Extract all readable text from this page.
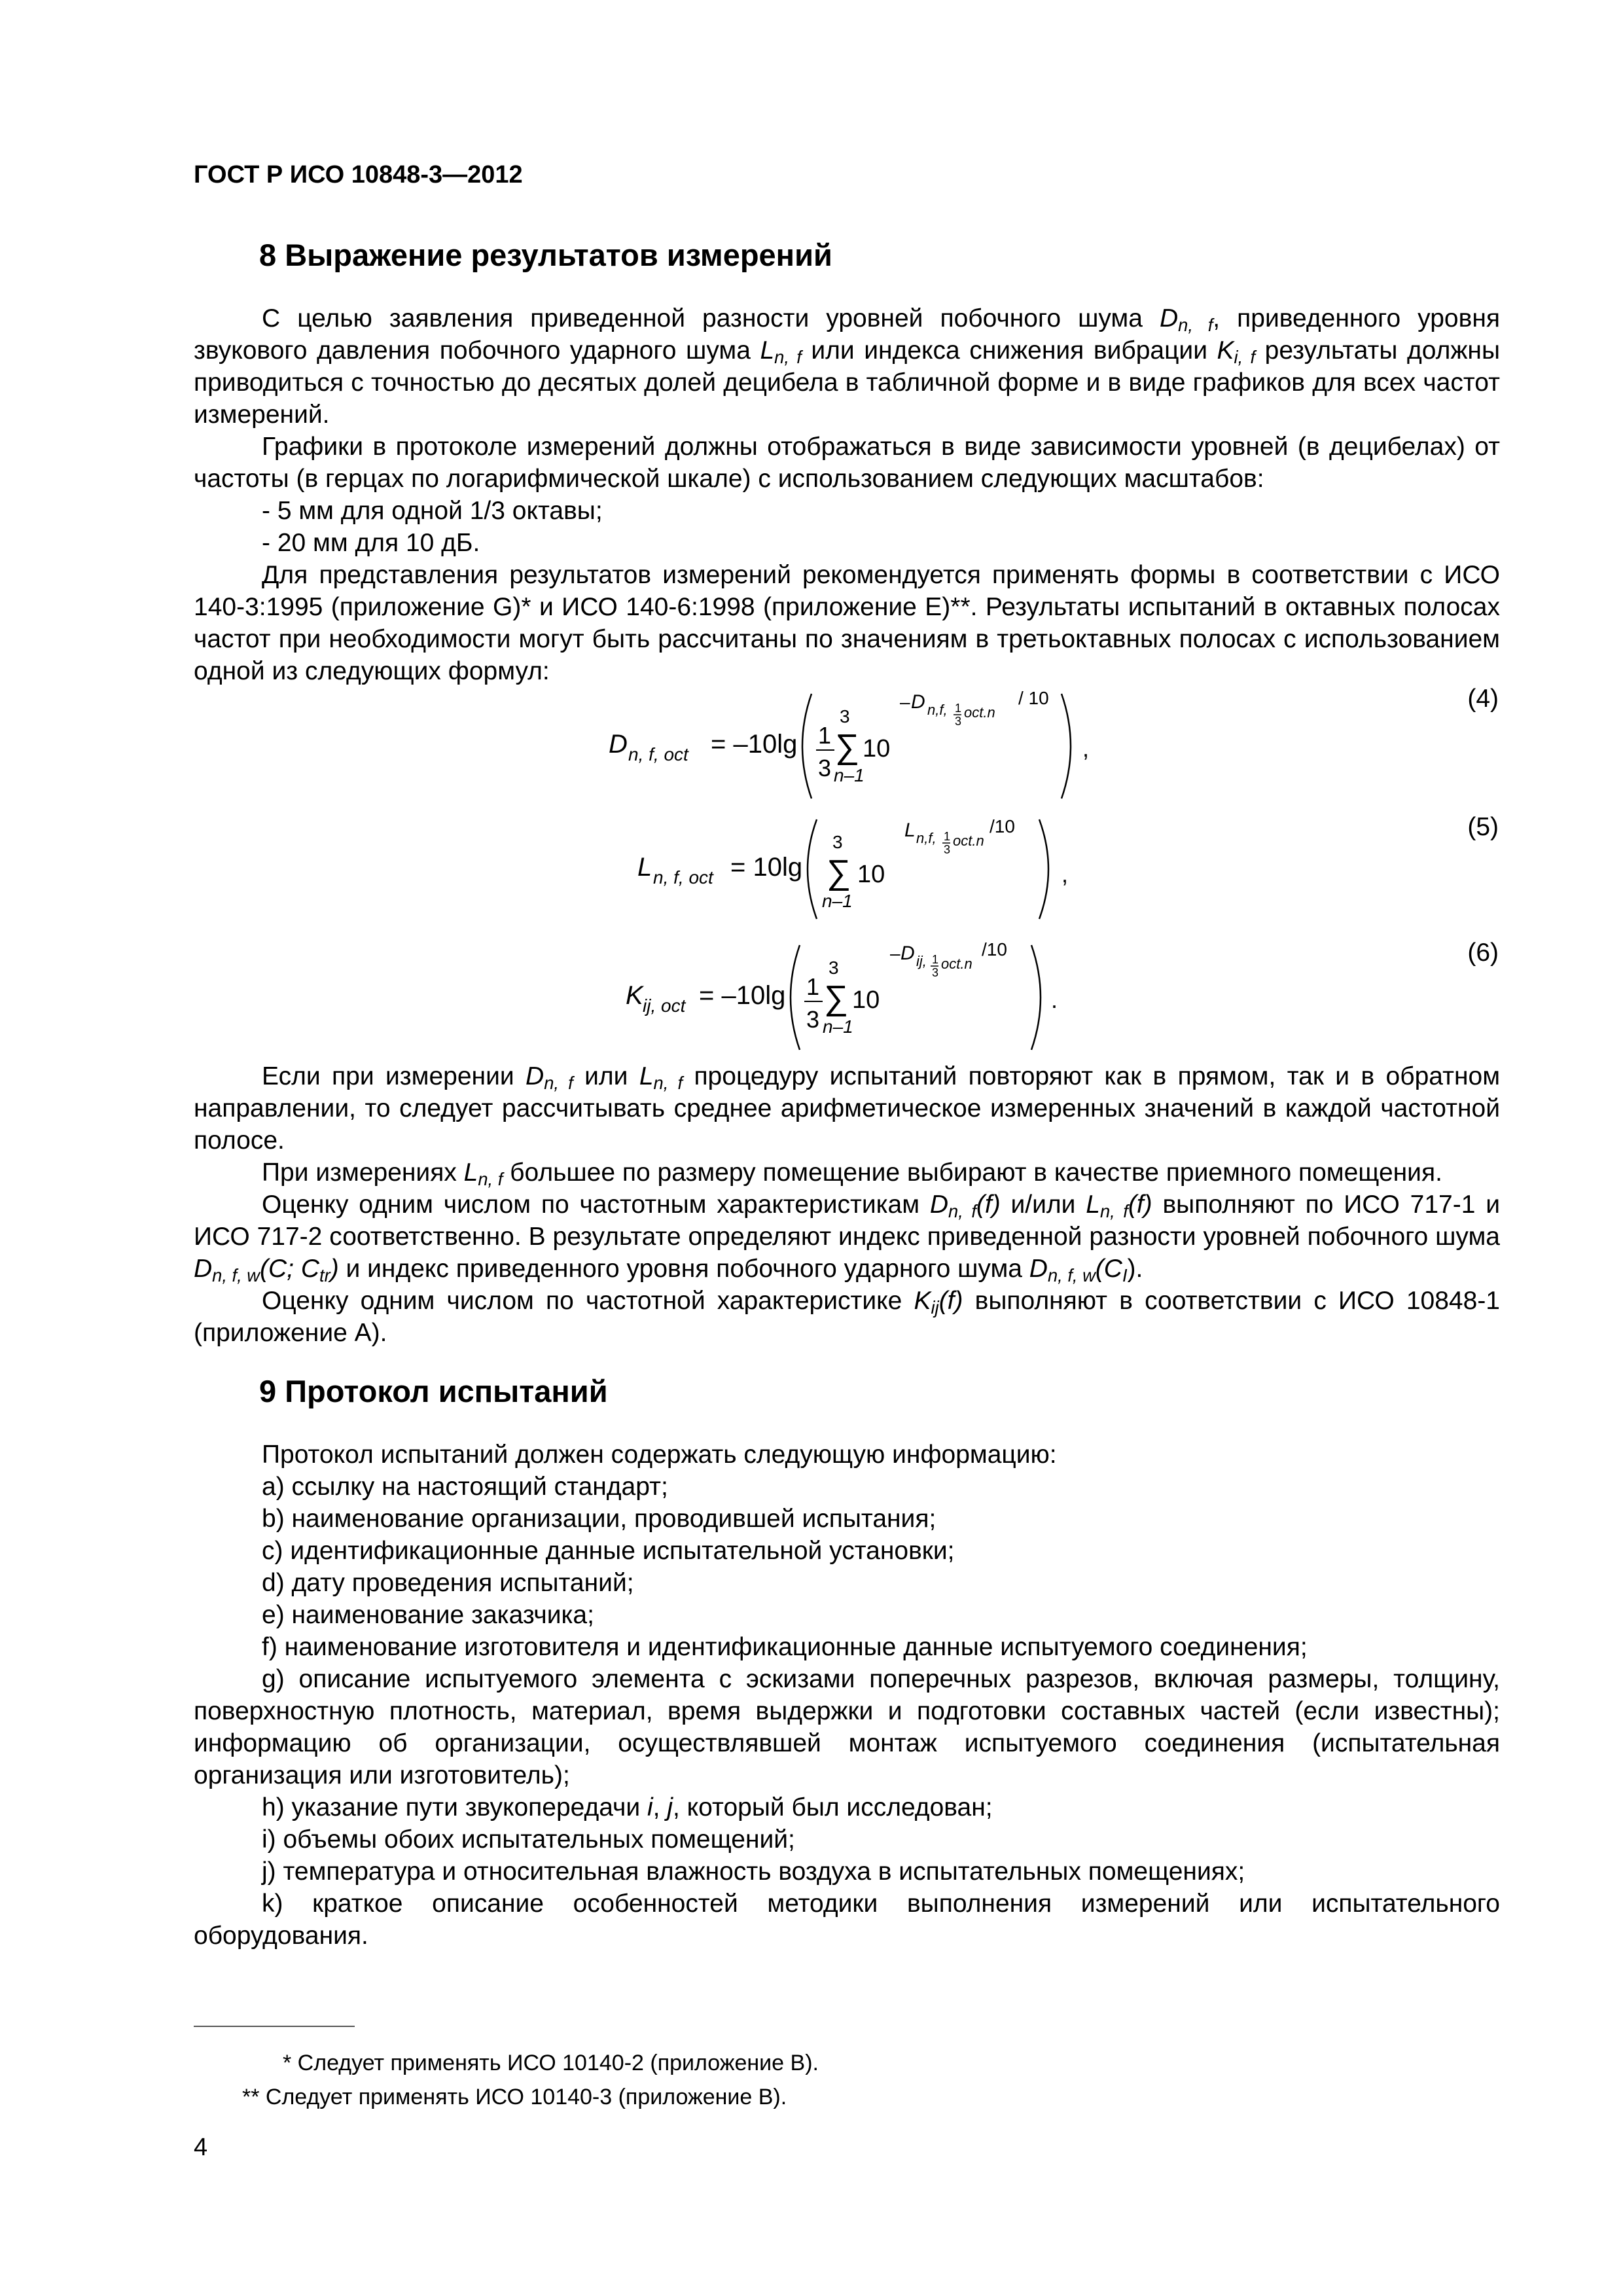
ГОСТ Р ИСО 10848-3—2012
8 Выражение результатов измерений

С целью заявления приведенной разности уровней побочного шума $D_{n, f}$, приведенного уровня звукового давления побочного ударного шума $L_{n, f}$ или индекса снижения вибрации $K_{i, f}$ результаты должны приводиться с точностью до десятых долей децибела в табличной форме и в виде графиков для всех частот измерений.

Графики в протоколе измерений должны отображаться в виде зависимости уровней (в децибелах) от частоты (в герцах по логарифмической шкале) с использованием следующих масштабов:

- 5 мм для одной 1/3 октавы;

- 20 мм для 10 дБ.

Для представления результатов измерений рекомендуется применять формы в соответствии с ИСО 140-3:1995 (приложение G)* и ИСО 140-6:1998 (приложение E)**. Результаты испытаний в октавных полосах частот при необходимости могут быть рассчитаны по значениям в третьоктавных полосах с использованием одной из следующих формул:

D n, f, oct = –10lg 1
3
3
∑
n–1
10
– D n,f, 1
3
oct.n
/ 10
,
(4)
L n, f, oct = 10lg
3
∑
n–1
10
L n,f, 1
3
oct.n
/10
,
(5)
K ij, oct = –10lg 1
3
3
∑
n–1
10
– D ij, 1
3
oct.n
/10
.
(6)

Если при измерении $D_{n, f}$ или $L_{n, f}$ процедуру испытаний повторяют как в прямом, так и в обратном направлении, то следует рассчитывать среднее арифметическое измеренных значений в каждой частотной полосе.

При измерениях $L_{n, f}$ большее по размеру помещение выбирают в качестве приемного помещения.

Оценку одним числом по частотным характеристикам $D_{n, f}(f)$ и/или $L_{n, f}(f)$ выполняют по ИСО 717-1 и ИСО 717-2 соответственно. В результате определяют индекс приведенной разности уровней побочного шума $D_{n, f, w}(C$; $C_{tr}$) и индекс приведенного уровня побочного ударного шума $D_{n, f, w}(C_I)$.

Оценку одним числом по частотной характеристике $K_{ij}(f)$ выполняют в соответствии с ИСО 10848-1 (приложение А).

9 Протокол испытаний

Протокол испытаний должен содержать следующую информацию:

a) ссылку на настоящий стандарт;

b) наименование организации, проводившей испытания;

c) идентификационные данные испытательной установки;

d) дату проведения испытаний;

e) наименование заказчика;

f) наименование изготовителя и идентификационные данные испытуемого соединения;

g) описание испытуемого элемента с эскизами поперечных разрезов, включая размеры, толщину, поверхностную плотность, материал, время выдержки и подготовки составных частей (если известны); информацию об организации, осуществлявшей монтаж испытуемого соединения (испытательная организация или изготовитель);

h) указание пути звукопередачи i, j, который был исследован;

i) объемы обоих испытательных помещений;

j) температура и относительная влажность воздуха в испытательных помещениях;

k) краткое описание особенностей методики выполнения измерений или испытательного оборудования.

* Следует применять ИСО 10140-2 (приложение B).
** Следует применять ИСО 10140-3 (приложение B).
4
